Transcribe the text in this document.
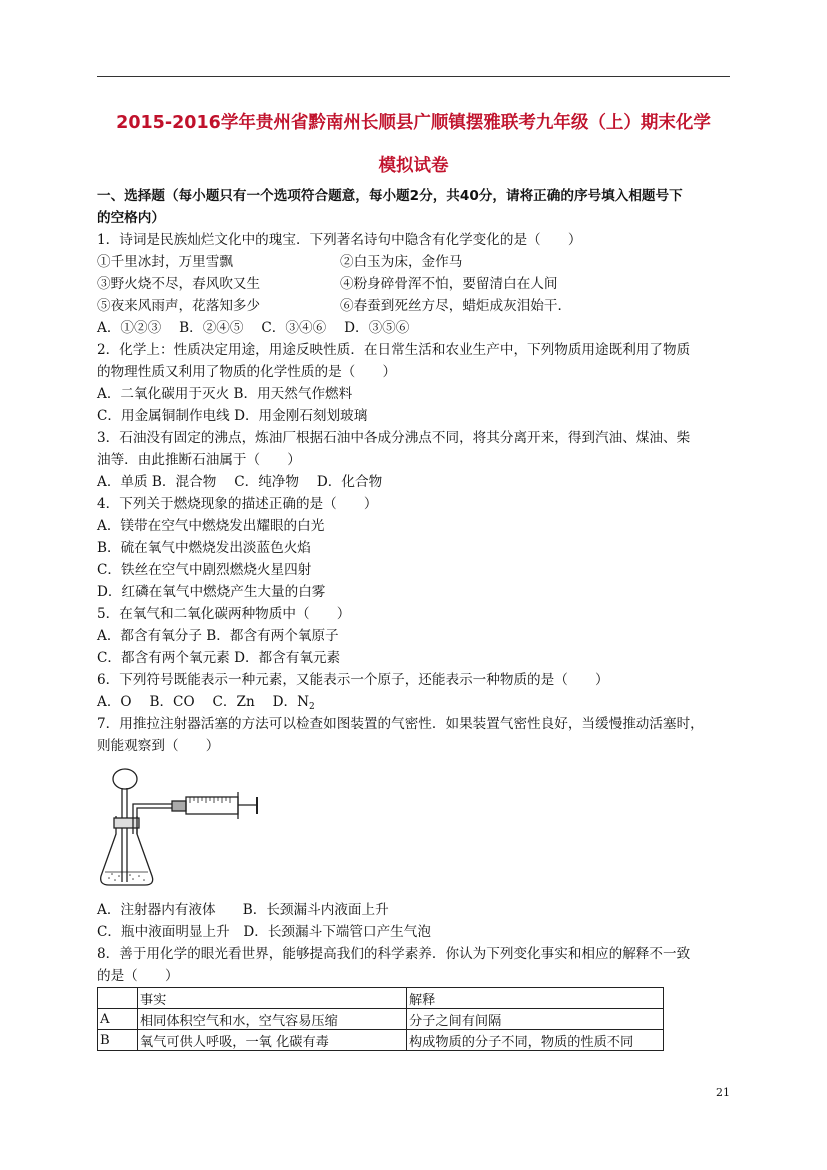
2015-2016学年贵州省黔南州长顺县广顺镇摆雅联考九年级（上）期末化学
模拟试卷
一、选择题（每小题只有一个选项符合题意，每小题2分，共40分，请将正确的序号填入相题号下
的空格内）
1．诗词是民族灿烂文化中的瑰宝．下列著名诗句中隐含有化学变化的是（　　）
①千里冰封，万里雪飘	②白玉为床，金作马
③野火烧不尽，春风吹又生	④粉身碎骨浑不怕，要留清白在人间
⑤夜来风雨声，花落知多少	⑥春蚕到死丝方尽，蜡炬成灰泪始干．
A．①②③　 B．②④⑤　 C．③④⑥　 D．③⑤⑥
2．化学上：性质决定用途，用途反映性质．在日常生活和农业生产中，下列物质用途既利用了物质
的物理性质又利用了物质的化学性质的是（　　）
A．二氧化碳用于灭火 B．用天然气作燃料
C．用金属铜制作电线 D．用金刚石刻划玻璃
3．石油没有固定的沸点，炼油厂根据石油中各成分沸点不同，将其分离开来，得到汽油、煤油、柴
油等．由此推断石油属于（　　）
A．单质 B．混合物　 C．纯净物　 D．化合物
4．下列关于燃烧现象的描述正确的是（　　）
A．镁带在空气中燃烧发出耀眼的白光
B．硫在氧气中燃烧发出淡蓝色火焰
C．铁丝在空气中剧烈燃烧火星四射
D．红磷在氧气中燃烧产生大量的白雾
5．在氧气和二氧化碳两种物质中（　　）
A．都含有氧分子 B．都含有两个氧原子
C．都含有两个氧元素 D．都含有氧元素
6．下列符号既能表示一种元素，又能表示一个原子，还能表示一种物质的是（　　）
A．O　 B．CO　 C．Zn　 D．$N_2$
7．用推拉注射器活塞的方法可以检查如图装置的气密性．如果装置气密性良好，当缓慢推动活塞时，
则能观察到（　　）
A．注射器内有液体　　B．长颈漏斗内液面上升
C．瓶中液面明显上升　D．长颈漏斗下端管口产生气泡
8．善于用化学的眼光看世界，能够提高我们的科学素养．你认为下列变化事实和相应的解释不一致
的是（　　）
	事实	解释
A	相同体积空气和水，空气容易压缩	分子之间有间隔
B	氧气可供人呼吸，一氧 化碳有毒	构成物质的分子不同，物质的性质不同
21
